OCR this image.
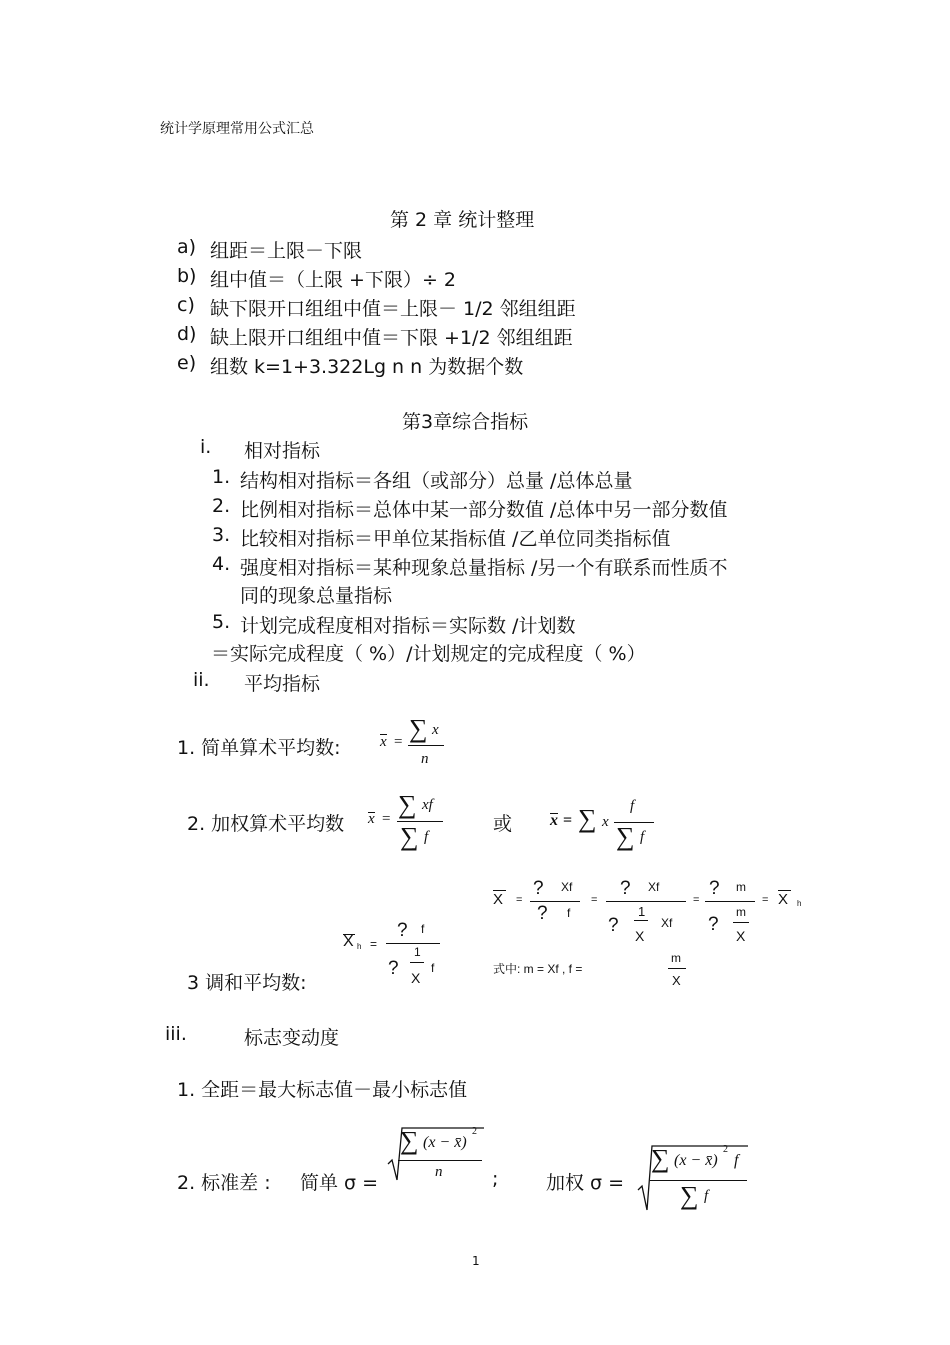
统计学原理常用公式汇总
第 2 章 统计整理
a) 组距＝上限－下限
b) 组中值＝（上限 +下限）÷ 2
c) 缺下限开口组组中值＝上限－ 1/2 邻组组距
d) 缺上限开口组组中值＝下限 +1/2 邻组组距
e) 组数 k=1+3.322Lg n n 为数据个数
第3章综合指标
i. 相对指标
1. 结构相对指标＝各组（或部分）总量 /总体总量
2. 比例相对指标＝总体中某一部分数值 /总体中另一部分数值
3. 比较相对指标＝甲单位某指标值 /乙单位同类指标值
4. 强度相对指标＝某种现象总量指标 /另一个有联系而性质不
同的现象总量指标
5. 计划完成程度相对指标＝实际数 /计划数
＝实际完成程度（ %）/计划规定的完成程度（ %）
ii. 平均指标
1. 简单算术平均数:	x = ∑ x
n
2. 加权算术平均数 x = ∑ xf
∑ f
或 x = ∑ x
f
∑ f
X h =
? f
?
1
X
f
3 调和平均数:
X =
? Xf
? f
=
? Xf
?
1
X
Xf
=
? m
?
m
X
= X h
式中: m = Xf , f =
m
X
iii.	标志变动度
1. 全距＝最大标志值－最小标志值
2. 标准差 : 简单 σ =
∑ (x − x̄)
2
n	;	加权 σ =
∑ (x − x̄)
2
f
∑ f
1
